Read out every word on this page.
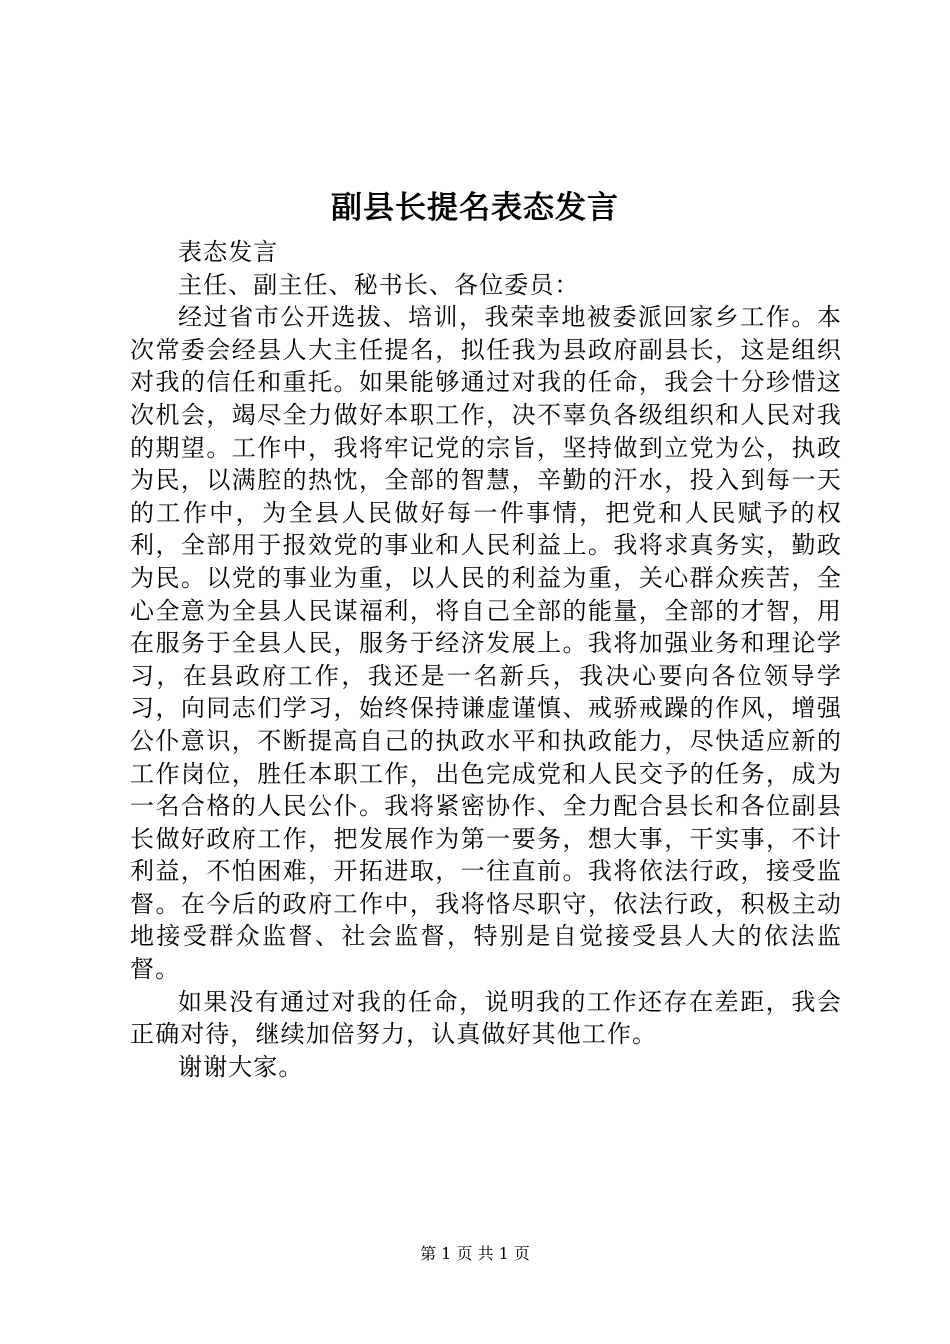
副县长提名表态发言

表态发言

主任、副主任、秘书长、各位委员：

经过省市公开选拔、培训，我荣幸地被委派回家乡工作。本次常委会经县人大主任提名，拟任我为县政府副县长，这是组织对我的信任和重托。如果能够通过对我的任命，我会十分珍惜这次机会，竭尽全力做好本职工作，决不辜负各级组织和人民对我的期望。工作中，我将牢记党的宗旨，坚持做到立党为公，执政为民，以满腔的热忱，全部的智慧，辛勤的汗水，投入到每一天的工作中，为全县人民做好每一件事情，把党和人民赋予的权利，全部用于报效党的事业和人民利益上。我将求真务实，勤政为民。以党的事业为重，以人民的利益为重，关心群众疾苦，全心全意为全县人民谋福利，将自己全部的能量，全部的才智，用在服务于全县人民，服务于经济发展上。我将加强业务和理论学习，在县政府工作，我还是一名新兵，我决心要向各位领导学习，向同志们学习，始终保持谦虚谨慎、戒骄戒躁的作风，增强公仆意识，不断提高自己的执政水平和执政能力，尽快适应新的工作岗位，胜任本职工作，出色完成党和人民交予的任务，成为一名合格的人民公仆。我将紧密协作、全力配合县长和各位副县长做好政府工作，把发展作为第一要务，想大事，干实事，不计利益，不怕困难，开拓进取，一往直前。我将依法行政，接受监督。在今后的政府工作中，我将恪尽职守，依法行政，积极主动地接受群众监督、社会监督，特别是自觉接受县人大的依法监督。

如果没有通过对我的任命，说明我的工作还存在差距，我会正确对待，继续加倍努力，认真做好其他工作。

谢谢大家。

第 1 页 共 1 页
